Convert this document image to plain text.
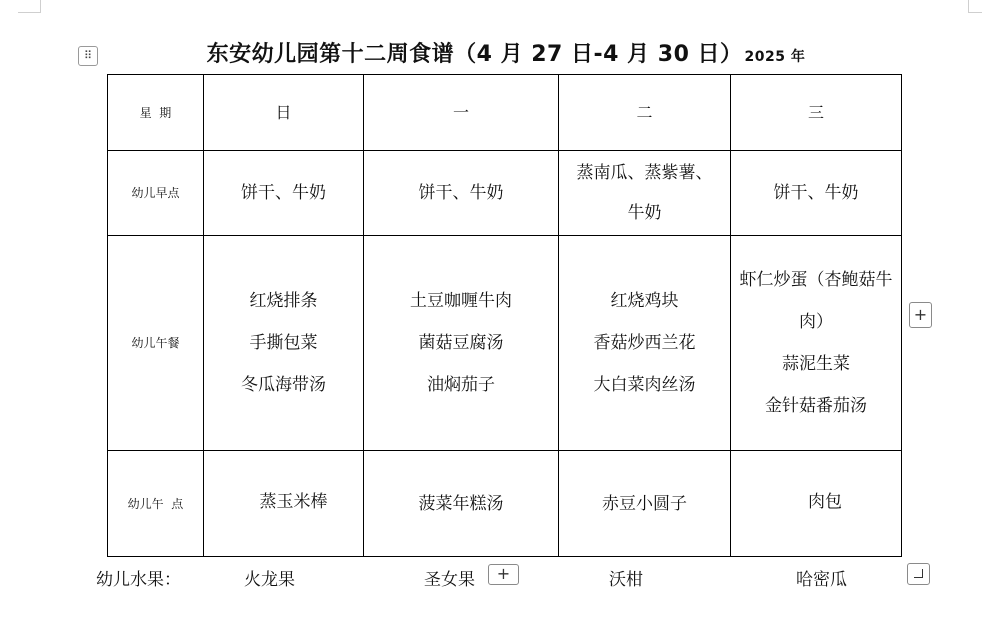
⠿	东安幼儿园第十二周食谱（4 月 27 日-4 月 30 日） 2025 年
星  期	日	一	二	三
幼儿早点	饼干、牛奶	饼干、牛奶	蒸南瓜、蒸紫薯、
牛奶	饼干、牛奶

幼儿午餐	红烧排条
手撕包菜
冬瓜海带汤	土豆咖喱牛肉
菌菇豆腐汤
油焖茄子	红烧鸡块
香菇炒西兰花
大白菜肉丝汤	虾仁炒蛋（杏鲍菇牛
肉）
蒜泥生菜
金针菇番茄汤

幼儿午  点	蒸玉米棒	菠菜年糕汤	赤豆小圆子	肉包
+
幼儿水果：	火龙果	圣女果	沃柑	哈密瓜
+
